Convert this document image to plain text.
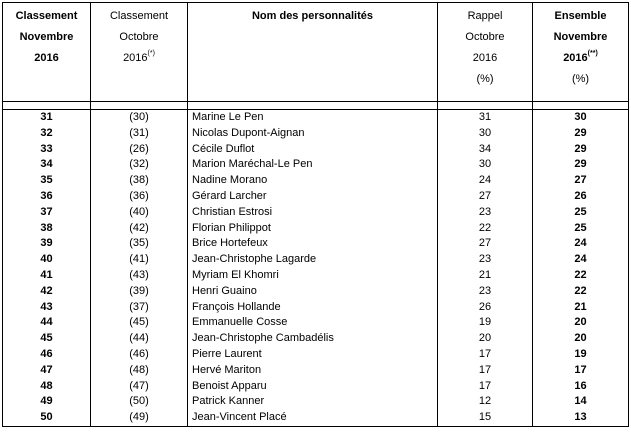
Classement
Novembre
2016	Classement
Octobre
2016(*)	Nom des personnalités	Rappel
Octobre
2016
(%)	Ensemble
Novembre
2016(**)
(%)

31	(30)	Marine Le Pen	31	30
32	(31)	Nicolas Dupont-Aignan	30	29
33	(26)	Cécile Duflot	34	29
34	(32)	Marion Maréchal-Le Pen	30	29
35	(38)	Nadine Morano	24	27
36	(36)	Gérard Larcher	27	26
37	(40)	Christian Estrosi	23	25
38	(42)	Florian Philippot	22	25
39	(35)	Brice Hortefeux	27	24
40	(41)	Jean-Christophe Lagarde	23	24
41	(43)	Myriam El Khomri	21	22
42	(39)	Henri Guaino	23	22
43	(37)	François Hollande	26	21
44	(45)	Emmanuelle Cosse	19	20
45	(44)	Jean-Christophe Cambadélis	20	20
46	(46)	Pierre Laurent	17	19
47	(48)	Hervé Mariton	17	17
48	(47)	Benoist Apparu	17	16
49	(50)	Patrick Kanner	12	14
50	(49)	Jean-Vincent Placé	15	13
